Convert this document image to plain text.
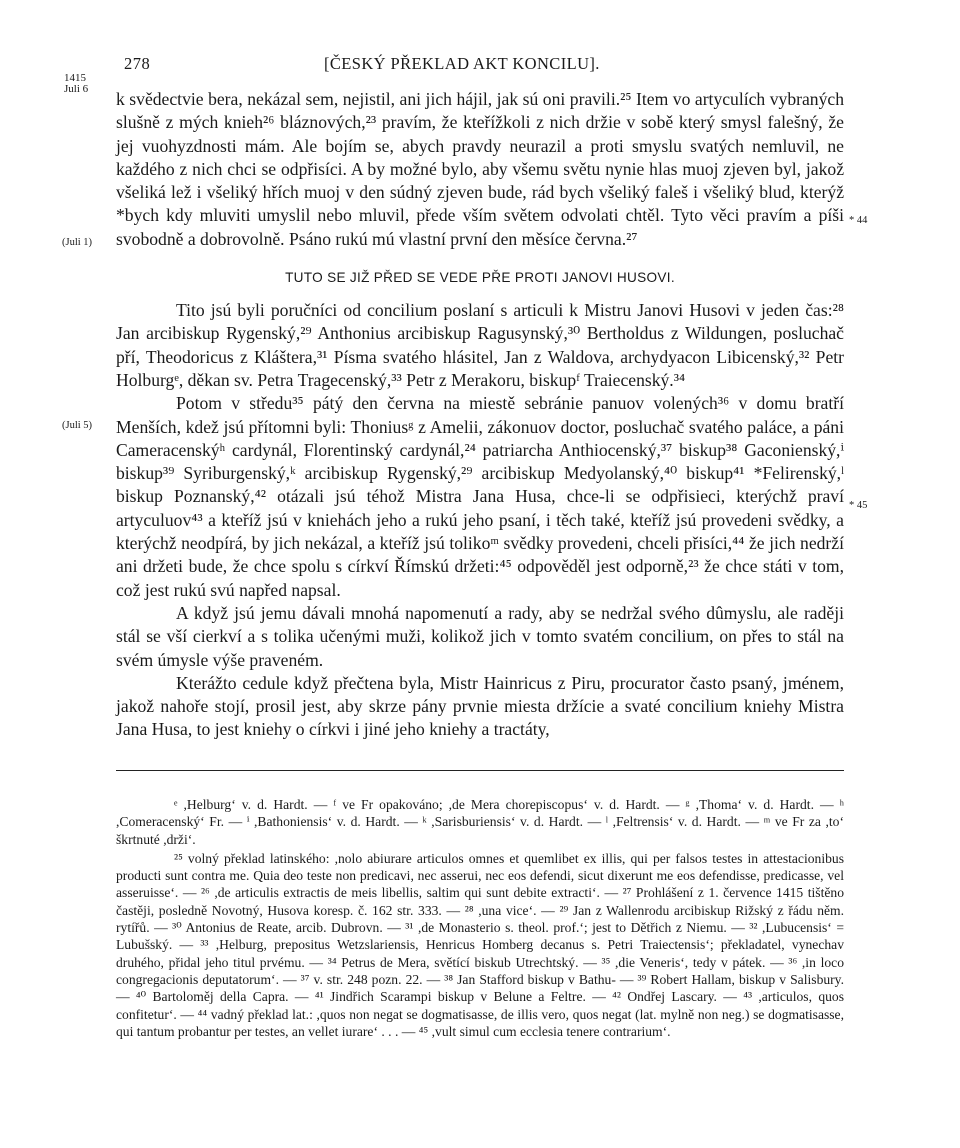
278	[ČESKÝ PŘEKLAD AKT KONCILU].
1415
Juli 6
(Juli 1)
(Juli 5)
* 44
* 45

k svědectvie bera, nekázal sem, nejistil, ani jich hájil, jak sú oni pravili.²⁵ Item vo artyculích vybraných slušně z mých knieh²⁶ bláznových,²³ pravím, že kteřížkoli z nich držie v sobě který smysl falešný, že jej vuohyzdnosti mám. Ale bojím se, abych pravdy neurazil a proti smyslu svatých nemluvil, ne každého z nich chci se odpřisíci. A by možné bylo, aby všemu světu nynie hlas muoj zjeven byl, jakož všeliká lež i všeliký hřích muoj v den súdný zjeven bude, rád bych všeliký faleš i všeliký blud, kterýž *bych kdy mluviti umyslil nebo mluvil, přede vším světem odvolati chtěl. Tyto věci pravím a píši svobodně a dobrovolně. Psáno rukú mú vlastní první den měsíce června.²⁷

TUTO SE JIŽ PŘED SE VEDE PŘE PROTI JANOVI HUSOVI.

Tito jsú byli poručníci od concilium poslaní s articuli k Mistru Janovi Husovi v jeden čas:²⁸ Jan arcibiskup Rygenský,²⁹ Anthonius arcibiskup Ragusynský,³⁰ Bertholdus z Wildungen, posluchač pří, Theodoricus z Kláštera,³¹ Písma svatého hlásitel, Jan z Waldova, archydyacon Libicenský,³² Petr Holburgᵉ, děkan sv. Petra Tragecenský,³³ Petr z Merakoru, biskupᶠ Traiecenský.³⁴

Potom v středu³⁵ pátý den června na miestě sebránie panuov volených³⁶ v domu bratří Menších, kdež jsú přítomni byli: Thoniusᵍ z Amelii, zákonuov doctor, posluchač svatého paláce, a páni Cameracenskýʰ cardynál, Florentinský cardynál,²⁴ patriarcha Anthiocenský,³⁷ biskup³⁸ Gaconienský,ⁱ biskup³⁹ Syriburgenský,ᵏ arcibiskup Rygenský,²⁹ arcibiskup Medyolanský,⁴⁰ biskup⁴¹ *Felirenský,ˡ biskup Poznanský,⁴² otázali jsú téhož Mistra Jana Husa, chce-li se odpřisieci, kterýchž praví artyculuov⁴³ a kteříž jsú v kniehách jeho a rukú jeho psaní, i těch také, kteříž jsú provedeni svědky, a kterýchž neodpírá, by jich nekázal, a kteříž jsú tolikoᵐ svědky provedeni, chceli přisíci,⁴⁴ že jich nedrží ani držeti bude, že chce spolu s církví Římskú držeti:⁴⁵ odpověděl jest odporně,²³ že chce státi v tom, což jest rukú svú napřed napsal.

A když jsú jemu dávali mnohá napomenutí a rady, aby se nedržal svého dûmyslu, ale raději stál se vší cierkví a s tolika učenými muži, kolikož jich v tomto svatém concilium, on přes to stál na svém úmysle výše praveném.

Kterážto cedule když přečtena byla, Mistr Hainricus z Piru, procurator často psaný, jménem, jakož nahoře stojí, prosil jest, aby skrze pány prvnie miesta držície a svaté concilium kniehy Mistra Jana Husa, to jest kniehy o církvi i jiné jeho kniehy a tractáty,

ᵉ ,Helburg‘ v. d. Hardt. — ᶠ ve Fr opakováno; ,de Mera chorepiscopus‘ v. d. Hardt. — ᵍ ,Thoma‘ v. d. Hardt. — ʰ ,Comeracenský‘ Fr. — ⁱ ,Bathoniensis‘ v. d. Hardt. — ᵏ ,Sarisburiensis‘ v. d. Hardt. — ˡ ,Feltrensis‘ v. d. Hardt. — ᵐ ve Fr za ,to‘ škrtnuté ,drži‘.

²⁵ volný překlad latinského: ,nolo abiurare articulos omnes et quemlibet ex illis, qui per falsos testes in attestacionibus producti sunt contra me. Quia deo teste non predicavi, nec asserui, nec eos defendi, sicut dixerunt me eos defendisse, predicasse, vel asseruisse‘. — ²⁶ ,de articulis extractis de meis libellis, saltim qui sunt debite extracti‘. — ²⁷ Prohlášení z 1. července 1415 tištěno častěji, posledně Novotný, Husova koresp. č. 162 str. 333. — ²⁸ ,una vice‘. — ²⁹ Jan z Wallenrodu arcibiskup Rižský z řádu něm. rytířů. — ³⁰ Antonius de Reate, arcib. Dubrovn. — ³¹ ,de Monasterio s. theol. prof.‘; jest to Dětřich z Niemu. — ³² ,Lubucensis‘ = Lubušský. — ³³ ,Helburg, prepositus Wetzslariensis, Henricus Homberg decanus s. Petri Traiectensis‘; překladatel, vynechav druhého, přidal jeho titul prvému. — ³⁴ Petrus de Mera, světící biskub Utrechtský. — ³⁵ ,die Veneris‘, tedy v pátek. — ³⁶ ,in loco congregacionis deputatorum‘. — ³⁷ v. str. 248 pozn. 22. — ³⁸ Jan Stafford biskup v Bathu- — ³⁹ Robert Hallam, biskup v Salisbury. — ⁴⁰ Bartoloměj della Capra. — ⁴¹ Jindřich Scarampi biskup v Belune a Feltre. — ⁴² Ondřej Lascary. — ⁴³ ,articulos, quos confitetur‘. — ⁴⁴ vadný překlad lat.: ,quos non negat se dogmatisasse, de illis vero, quos negat (lat. mylně non neg.) se dogmatisasse, qui tantum probantur per testes, an vellet iurare‘ . . . — ⁴⁵ ,vult simul cum ecclesia tenere contrarium‘.
